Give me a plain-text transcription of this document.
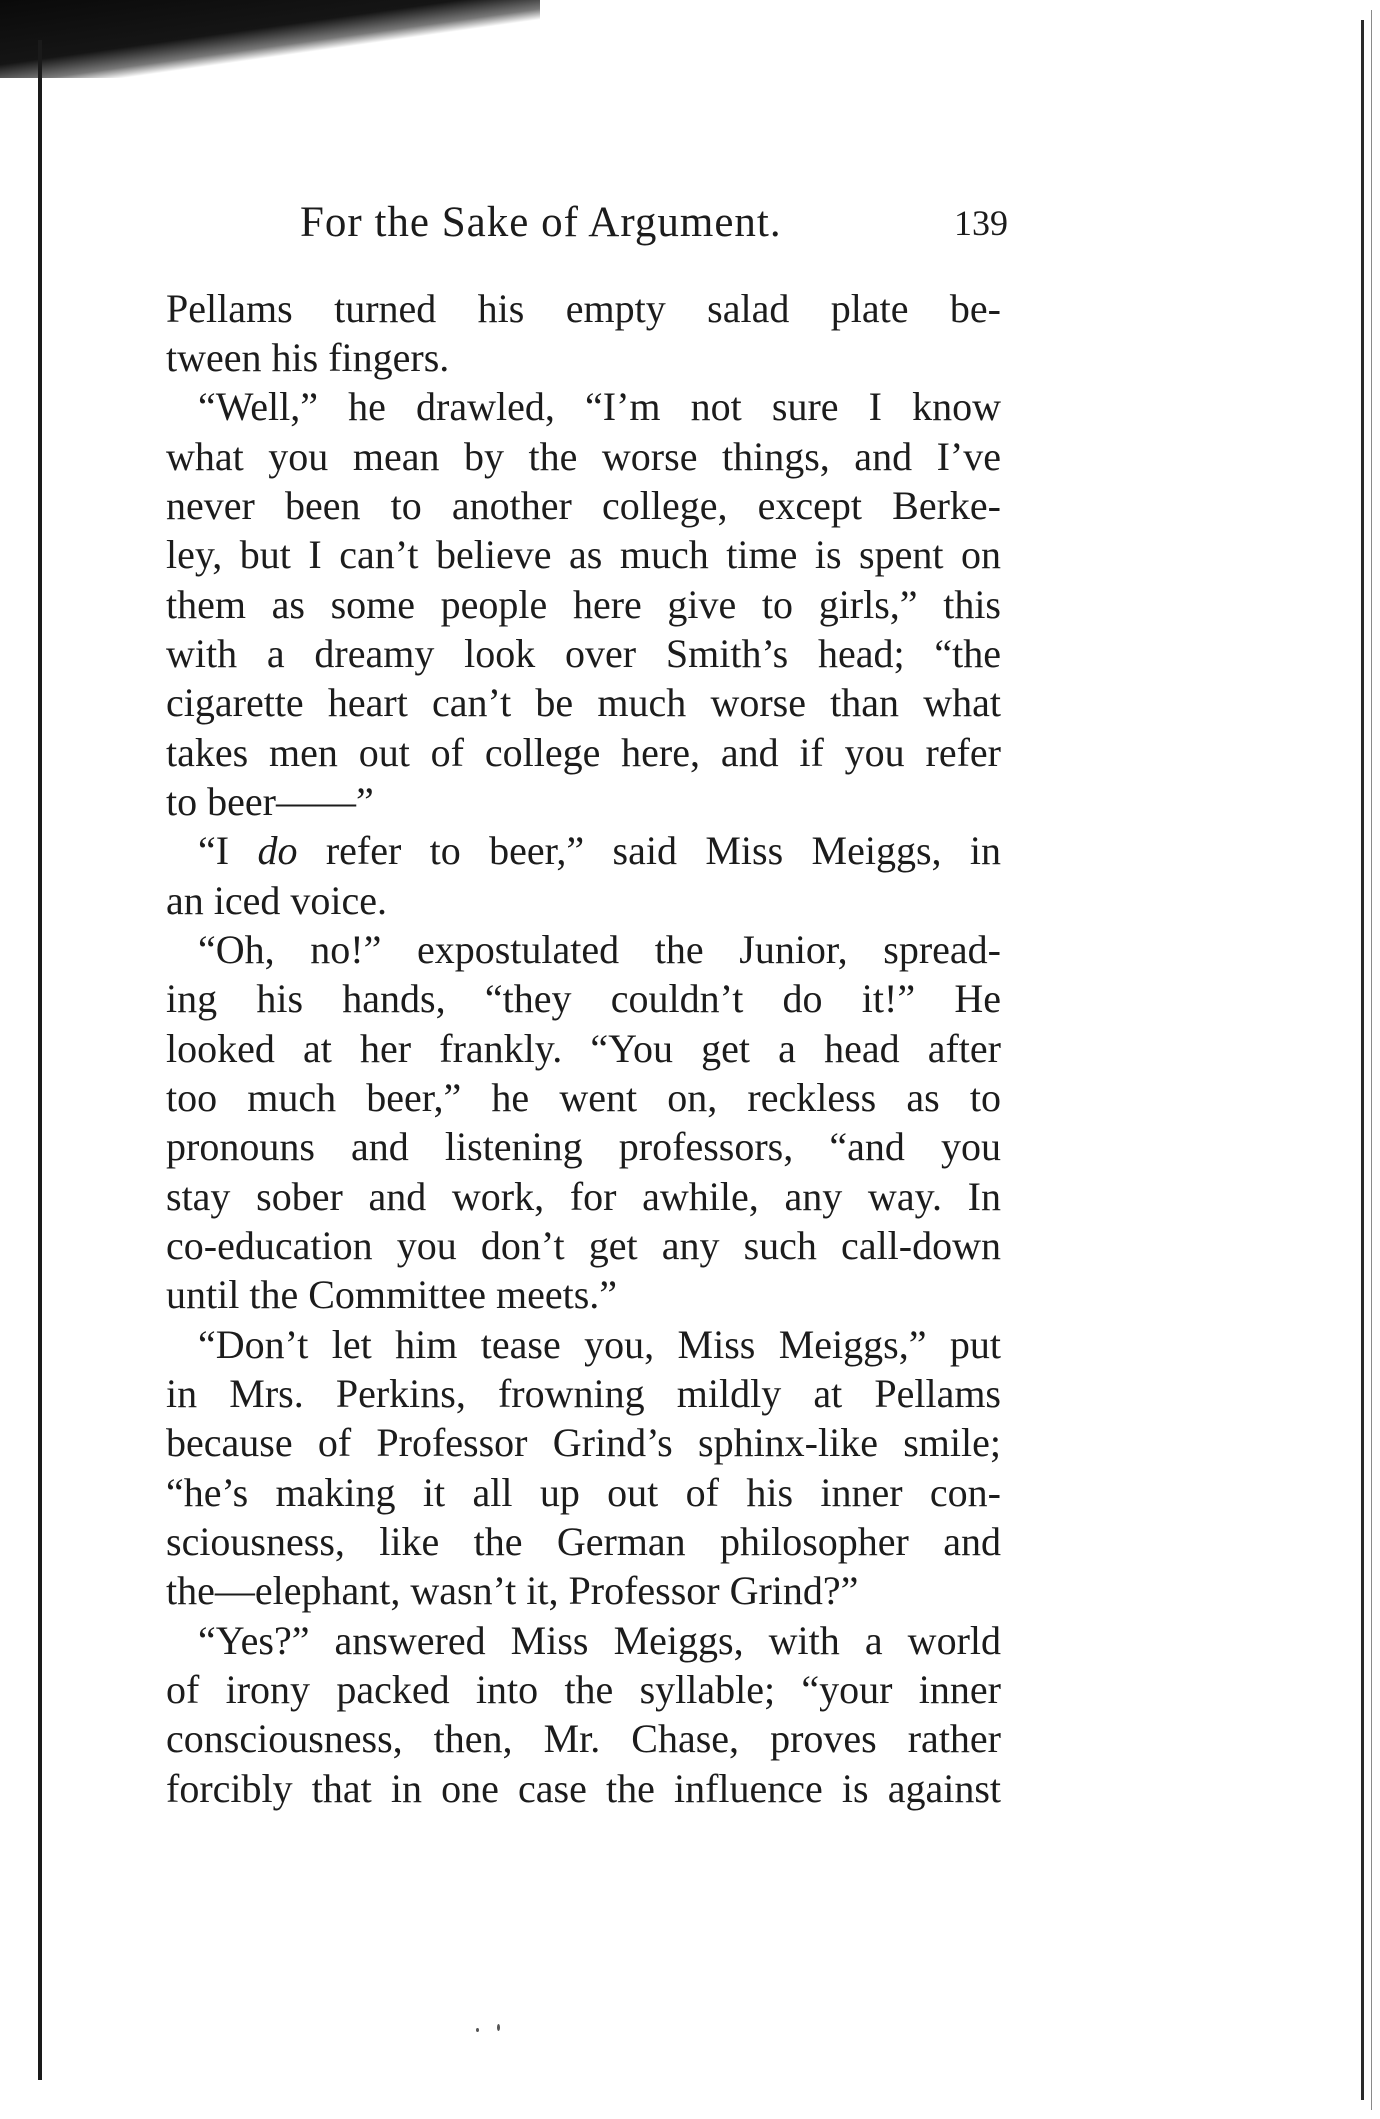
For the Sake of Argument.	139
Pellams turned his empty salad plate be-
tween his fingers.
“Well,” he drawled, “I’m not sure I know
what you mean by the worse things, and I’ve
never been to another college, except Berke-
ley, but I can’t believe as much time is spent on
them as some people here give to girls,” this
with a dreamy look over Smith’s head; “the
cigarette heart can’t be much worse than what
takes men out of college here, and if you refer
to beer——”
“I do refer to beer,” said Miss Meiggs, in
an iced voice.
“Oh, no!” expostulated the Junior, spread-
ing his hands, “they couldn’t do it!” He
looked at her frankly. “You get a head after
too much beer,” he went on, reckless as to
pronouns and listening professors, “and you
stay sober and work, for awhile, any way. In
co-education you don’t get any such call-down
until the Committee meets.”
“Don’t let him tease you, Miss Meiggs,” put
in Mrs. Perkins, frowning mildly at Pellams
because of Professor Grind’s sphinx-like smile;
“he’s making it all up out of his inner con-
sciousness, like the German philosopher and
the—elephant, wasn’t it, Professor Grind?”
“Yes?” answered Miss Meiggs, with a world
of irony packed into the syllable; “your inner
consciousness, then, Mr. Chase, proves rather
forcibly that in one case the influence is against
